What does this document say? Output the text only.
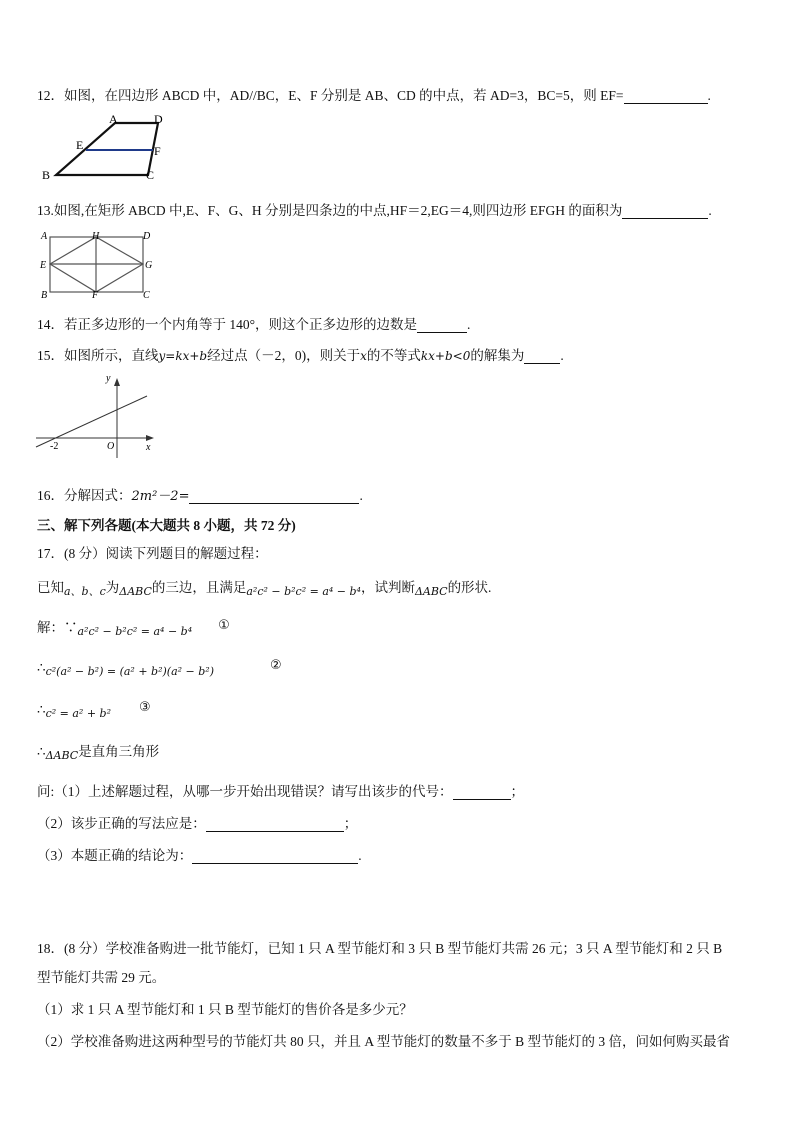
12．如图，在四边形 ABCD 中，AD//BC，E、F 分别是 AB、CD 的中点，若 AD=3，BC=5，则 EF=	.
A	D
E	F
B	C
13.如图,在矩形 ABCD 中,E、F、G、H 分别是四条边的中点,HF＝2,EG＝4,则四边形 EFGH 的面积为	.
A	H	D
E	G
B	F	C
14．若正多边形的一个内角等于 140°，则这个正多边形的边数是	.
15．如图所示，直线y=kx+b经过点（－2，0)，则关于x的不等式kx+b<0的解集为	.
y
x
O
-2
16．分解因式：2m²－2=	.
三、解下列各题(本大题共 8 小题，共 72 分)
17．(8 分）阅读下列题目的解题过程：
已知$_{a、b、c}$为$_{\Delta ABC}$的三边，且满足$_{a^2c^2 - b^2c^2 = a^4 - b^4}$，试判断$_{\Delta ABC}$的形状.
解：$\because_{a^2c^2 - b^2c^2 = a^4 - b^4}$ ①
$\therefore_{c^2(a^2 - b^2) = (a^2 + b^2)(a^2 - b^2)}$	②
$\therefore_{c^2 = a^2 + b^2}$ ③
$\therefore_{\Delta ABC}$是直角三角形
问:（1）上述解题过程，从哪一步开始出现错误？请写出该步的代号：	；
（2）该步正确的写法应是：	；
（3）本题正确的结论为：	.
18．(8 分）学校准备购进一批节能灯，已知 1 只 A 型节能灯和 3 只 B 型节能灯共需 26 元；3 只 A 型节能灯和 2 只 B
型节能灯共需 29 元。
（1）求 1 只 A 型节能灯和 1 只 B 型节能灯的售价各是多少元？
（2）学校准备购进这两种型号的节能灯共 80 只，并且 A 型节能灯的数量不多于 B 型节能灯的 3 倍，问如何购买最省
